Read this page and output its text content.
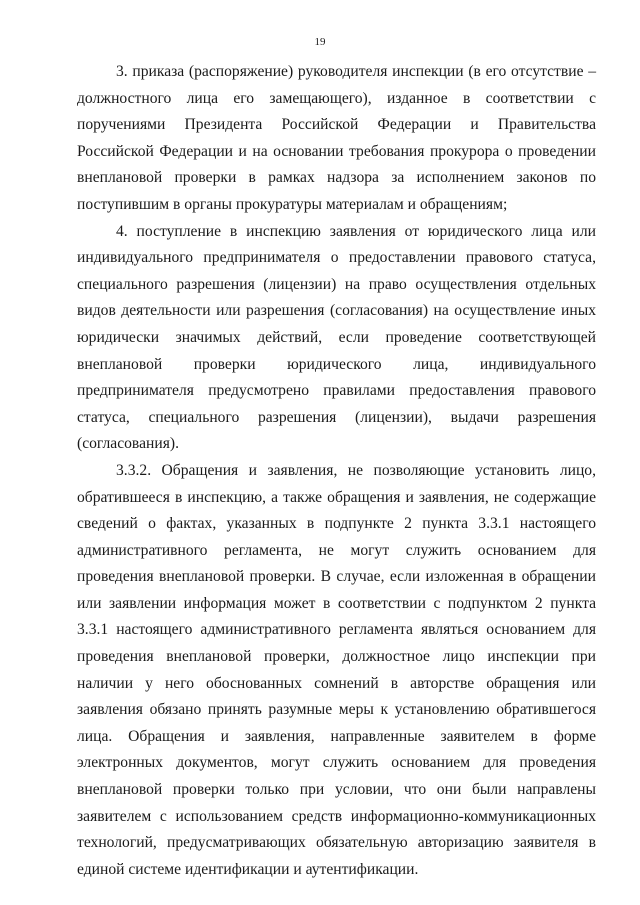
19

3. приказа (распоряжение) руководителя инспекции (в его отсутствие – должностного лица его замещающего), изданное в соответствии с поручениями Президента Российской Федерации и Правительства Российской Федерации и на основании требования прокурора о проведении внеплановой проверки в рамках надзора за исполнением законов по поступившим в органы прокуратуры материалам и обращениям;

4. поступление в инспекцию заявления от юридического лица или индивидуального предпринимателя о предоставлении правового статуса, специального разрешения (лицензии) на право осуществления отдельных видов деятельности или разрешения (согласования) на осуществление иных юридически значимых действий, если проведение соответствующей внеплановой проверки юридического лица, индивидуального предпринимателя предусмотрено правилами предоставления правового статуса, специального разрешения (лицензии), выдачи разрешения (согласования).

3.3.2. Обращения и заявления, не позволяющие установить лицо, обратившееся в инспекцию, а также обращения и заявления, не содержащие сведений о фактах, указанных в подпункте 2 пункта 3.3.1 настоящего административного регламента, не могут служить основанием для проведения внеплановой проверки. В случае, если изложенная в обращении или заявлении информация может в соответствии с подпунктом 2 пункта 3.3.1 настоящего административного регламента являться основанием для проведения внеплановой проверки, должностное лицо инспекции при наличии у него обоснованных сомнений в авторстве обращения или заявления обязано принять разумные меры к установлению обратившегося лица. Обращения и заявления, направленные заявителем в форме электронных документов, могут служить основанием для проведения внеплановой проверки только при условии, что они были направлены заявителем с использованием средств информационно-коммуникационных технологий, предусматривающих обязательную авторизацию заявителя в единой системе идентификации и аутентификации.
